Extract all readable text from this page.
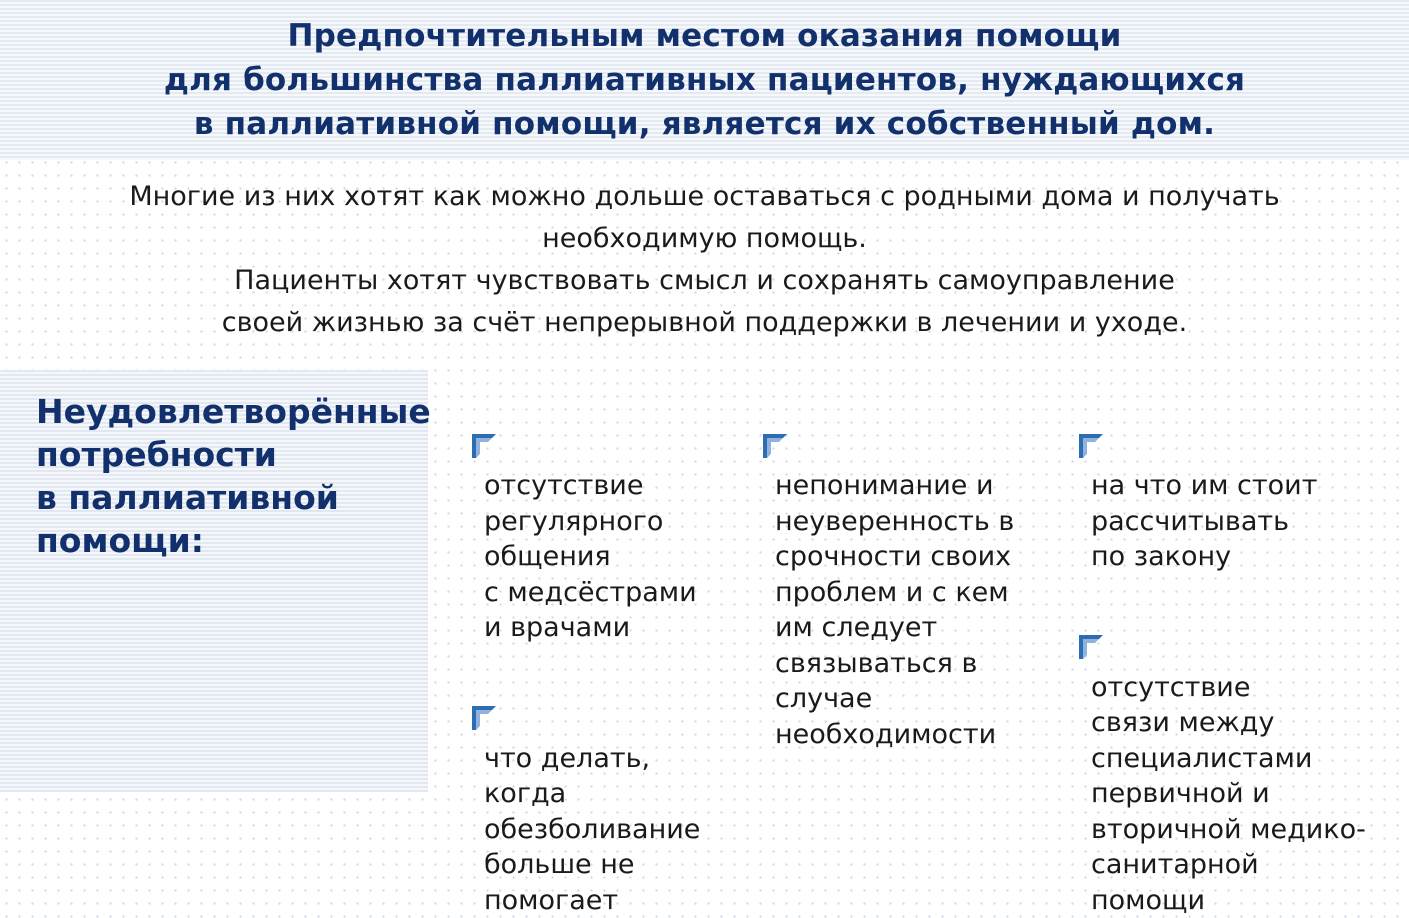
Предпочтительным местом оказания помощи
для большинства паллиативных пациентов, нуждающихся
в паллиативной помощи, является их собственный дом.

Многие из них хотят как можно дольше оставаться с родными дома и получать
необходимую помощь.

Пациенты хотят чувствовать смысл и сохранять самоуправление
своей жизнью за счёт непрерывной поддержки в лечении и уходе.

Неудовлетворённые
потребности
в паллиативной
помощи:

отсутствие
регулярного
общения
с медсёстрами
и врачами

что делать,
когда
обезболивание
больше не
помогает

непонимание и
неуверенность в
срочности своих
проблем и с кем
им следует
связываться в
случае
необходимости

на что им стоит
рассчитывать
по закону

отсутствие
связи между
специалистами
первичной и
вторичной медико-
санитарной
помощи
